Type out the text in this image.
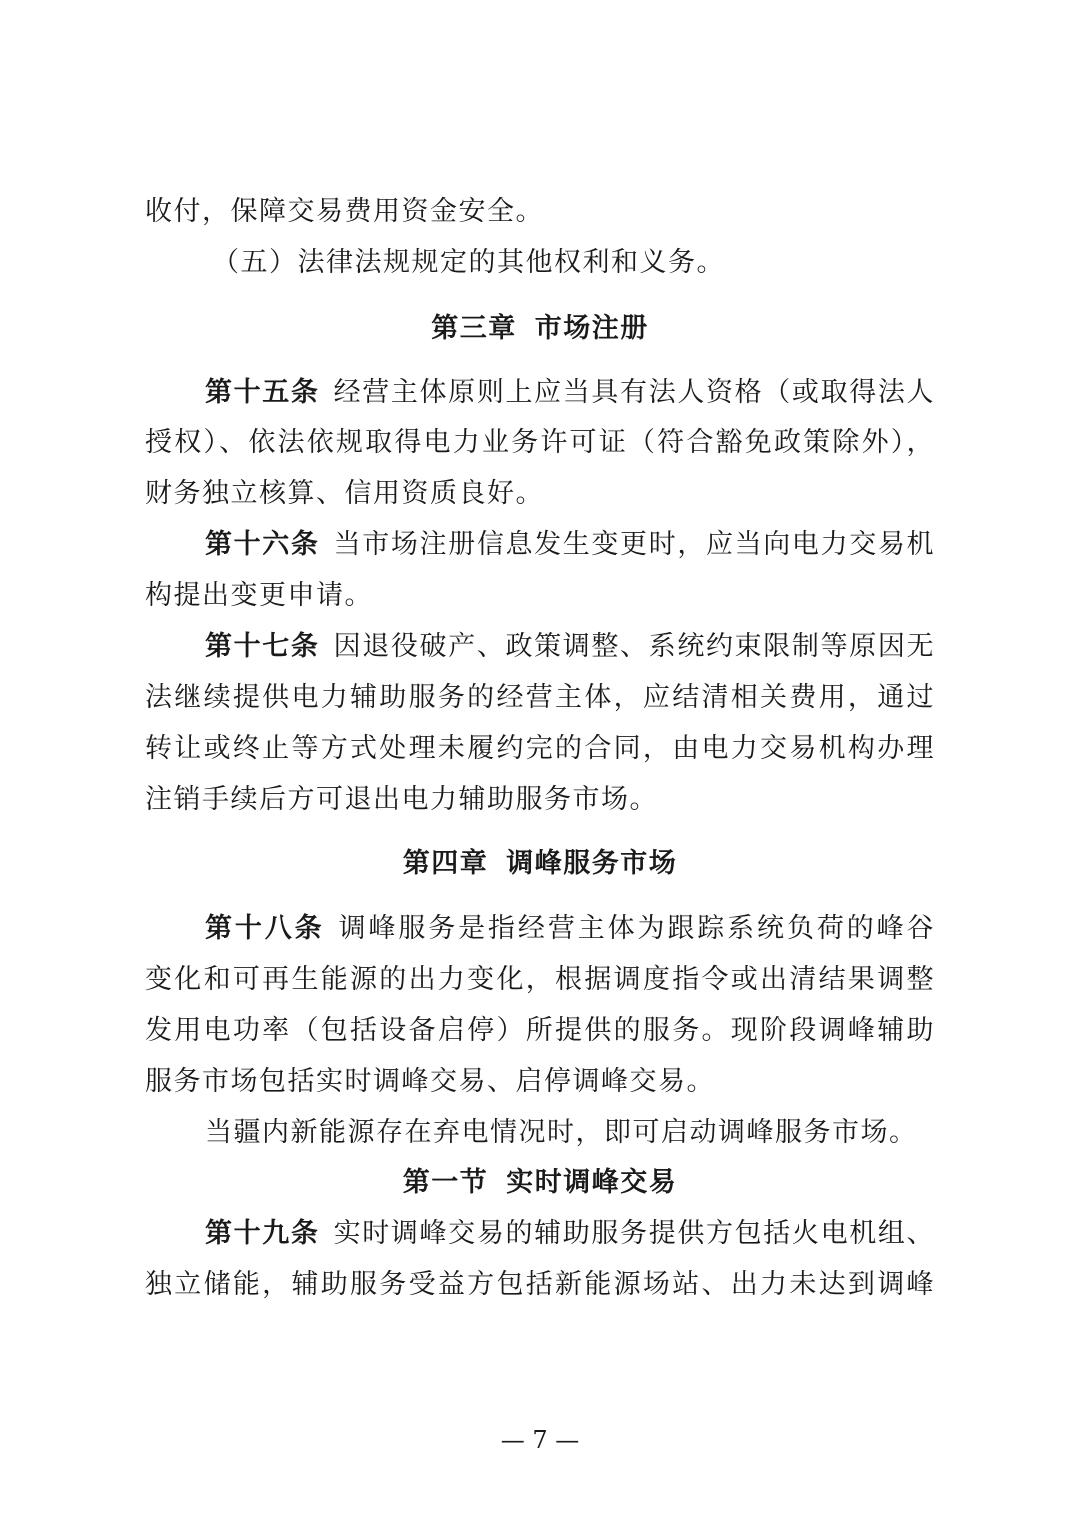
收付，保障交易费用资金安全。
（五）法律法规规定的其他权利和义务。
第三章 市场注册
第十五条 经营主体原则上应当具有法人资格（或取得法人
授权）、依法依规取得电力业务许可证（符合豁免政策除外），
财务独立核算、信用资质良好。
第十六条 当市场注册信息发生变更时，应当向电力交易机
构提出变更申请。
第十七条 因退役破产、政策调整、系统约束限制等原因无
法继续提供电力辅助服务的经营主体，应结清相关费用，通过
转让或终止等方式处理未履约完的合同，由电力交易机构办理
注销手续后方可退出电力辅助服务市场。
第四章 调峰服务市场
第十八条 调峰服务是指经营主体为跟踪系统负荷的峰谷
变化和可再生能源的出力变化，根据调度指令或出清结果调整
发用电功率（包括设备启停）所提供的服务。现阶段调峰辅助
服务市场包括实时调峰交易、启停调峰交易。
当疆内新能源存在弃电情况时，即可启动调峰服务市场。
第一节 实时调峰交易
第十九条 实时调峰交易的辅助服务提供方包括火电机组、
独立储能，辅助服务受益方包括新能源场站、出力未达到调峰
— 7 —
